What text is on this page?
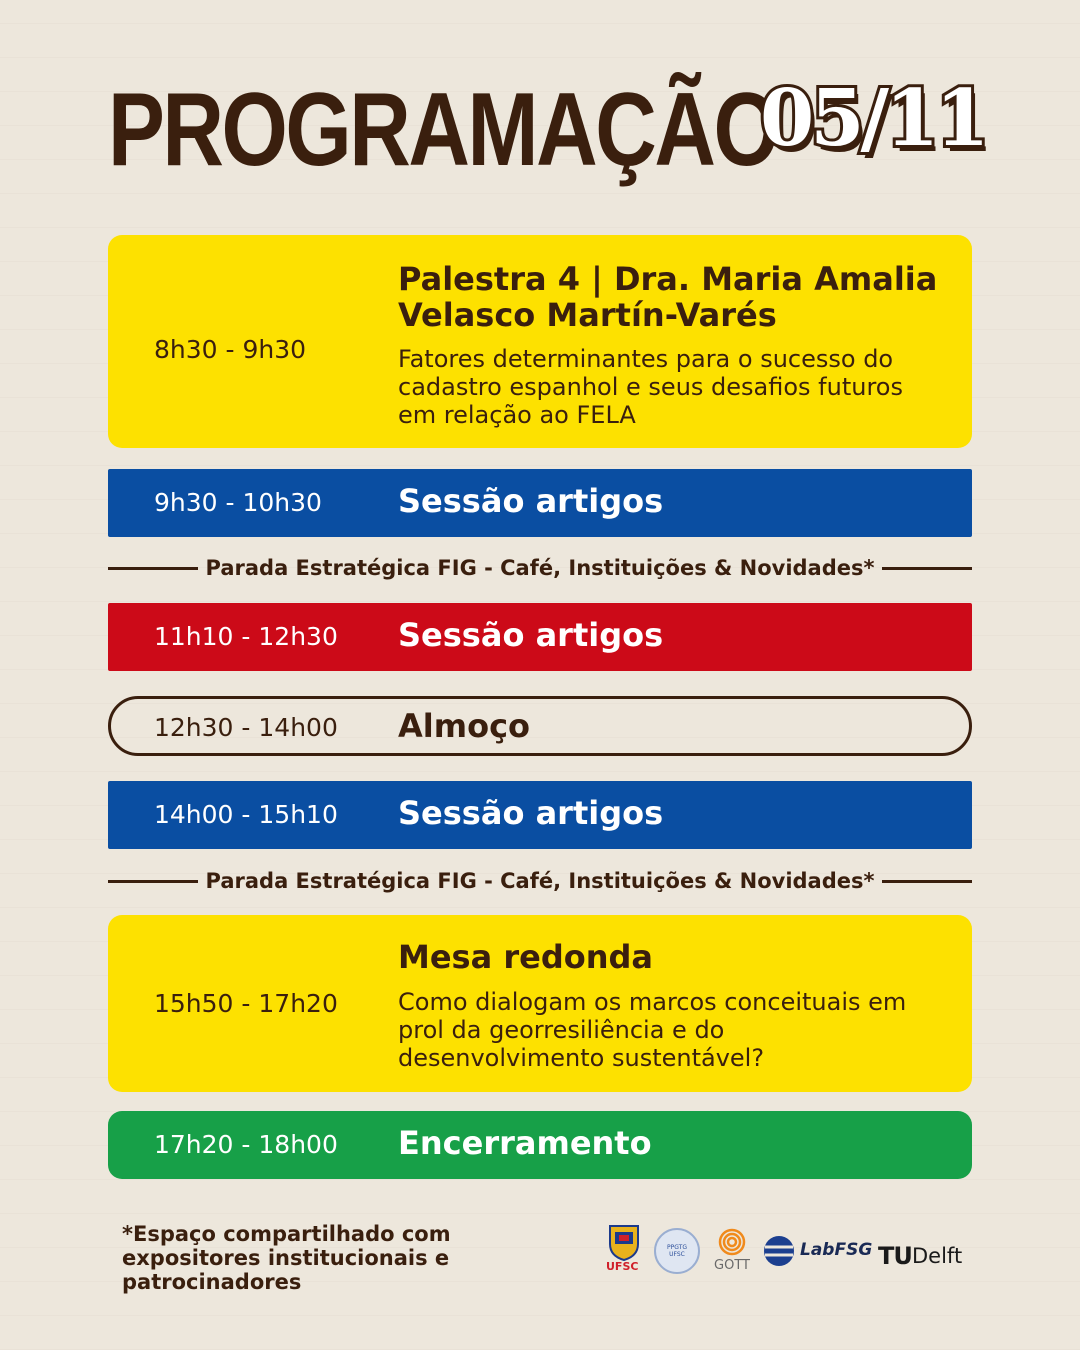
PROGRAMAÇÃO
05/11
8h30 - 9h30
Palestra 4 | Dra. Maria Amalia Velasco Martín-Varés
Fatores determinantes para o sucesso do cadastro espanhol e seus desafios futuros em relação ao FELA
9h30 - 10h30 Sessão artigos
Parada Estratégica FIG - Café, Instituições & Novidades*
11h10 - 12h30 Sessão artigos
12h30 - 14h00 Almoço
14h00 - 15h10 Sessão artigos
Parada Estratégica FIG - Café, Instituições & Novidades*
15h50 - 17h20
Mesa redonda
Como dialogam os marcos conceituais em prol da georresiliência e do desenvolvimento sustentável?
17h20 - 18h00 Encerramento
*Espaço compartilhado com expositores institucionais e patrocinadores
UFSC
PPGTG UFSC
GOTT
LabFSG TU Delft
